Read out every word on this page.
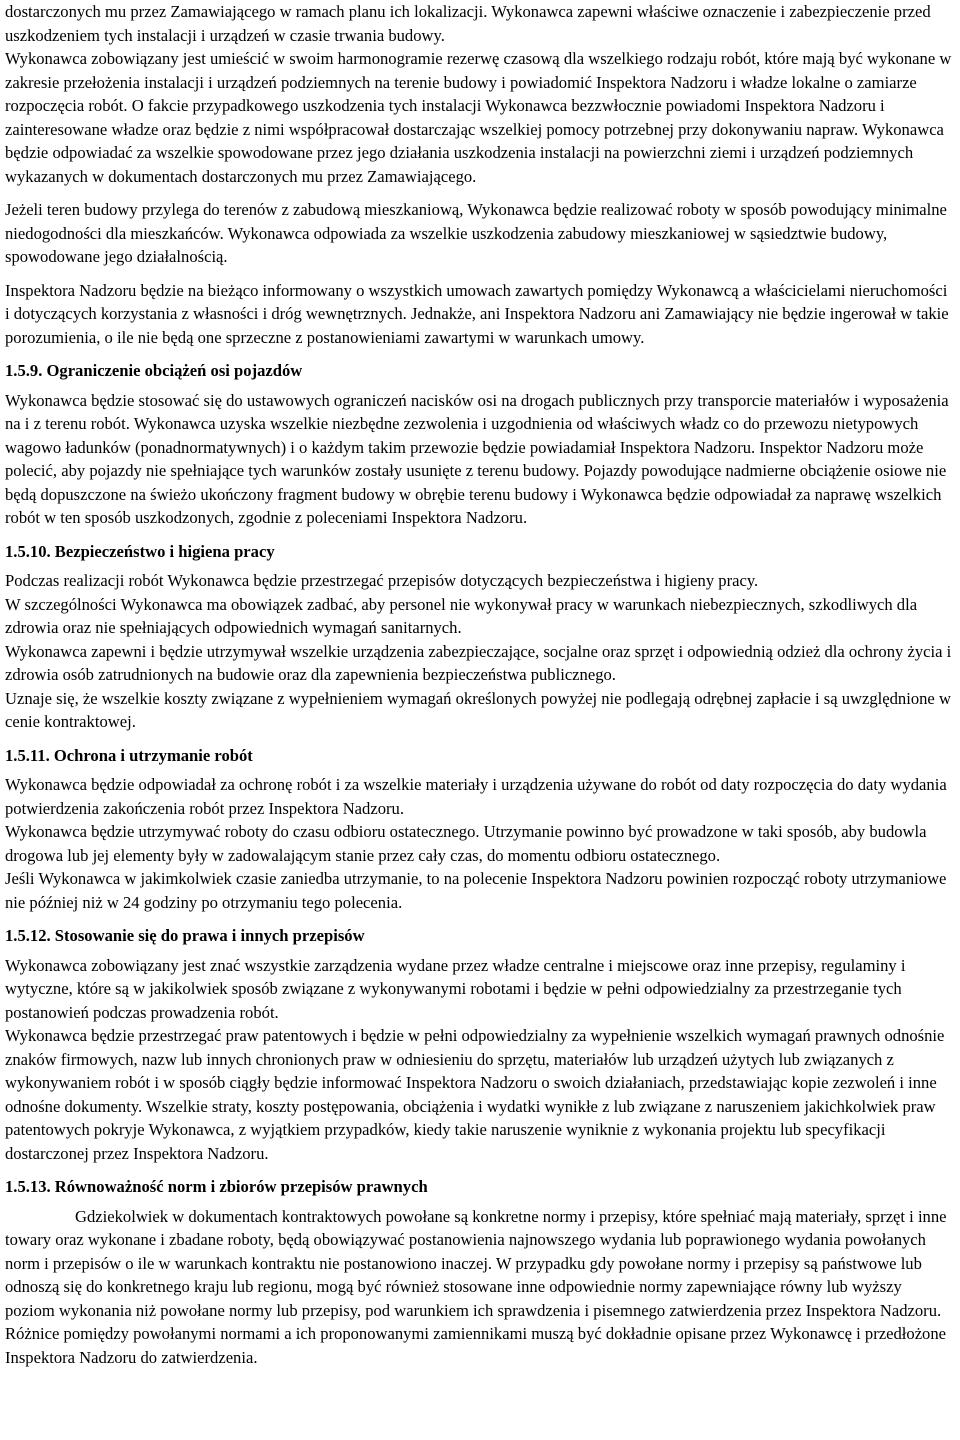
dostarczonych mu przez Zamawiającego w ramach planu ich lokalizacji. Wykonawca zapewni właściwe oznaczenie i zabezpieczenie przed uszkodzeniem tych instalacji i urządzeń w czasie trwania budowy.

Wykonawca zobowiązany jest umieścić w swoim harmonogramie rezerwę czasową dla wszelkiego rodzaju robót, które mają być wykonane w zakresie przełożenia instalacji i urządzeń podziemnych na terenie budowy i powiadomić Inspektora Nadzoru i władze lokalne o zamiarze rozpoczęcia robót. O fakcie przypadkowego uszkodzenia tych instalacji Wykonawca bezzwłocznie powiadomi Inspektora Nadzoru i zainteresowane władze oraz będzie z nimi współpracował dostarczając wszelkiej pomocy potrzebnej przy dokonywaniu napraw. Wykonawca będzie odpowiadać za wszelkie spowodowane przez jego działania uszkodzenia instalacji na powierzchni ziemi i urządzeń podziemnych wykazanych w dokumentach dostarczonych mu przez Zamawiającego.

Jeżeli teren budowy przylega do terenów z zabudową mieszkaniową, Wykonawca będzie realizować roboty w sposób powodujący minimalne niedogodności dla mieszkańców. Wykonawca odpowiada za wszelkie uszkodzenia zabudowy mieszkaniowej w sąsiedztwie budowy, spowodowane jego działalnością.

Inspektora Nadzoru będzie na bieżąco informowany o wszystkich umowach zawartych pomiędzy Wykonawcą a właścicielami nieruchomości i dotyczących korzystania z własności i dróg wewnętrznych. Jednakże, ani Inspektora Nadzoru ani Zamawiający nie będzie ingerował w takie porozumienia, o ile nie będą one sprzeczne z postanowieniami zawartymi w warunkach umowy.

1.5.9. Ograniczenie obciążeń osi pojazdów

Wykonawca będzie stosować się do ustawowych ograniczeń nacisków osi na drogach publicznych przy transporcie materiałów i wyposażenia na i z terenu robót. Wykonawca uzyska wszelkie niezbędne zezwolenia i uzgodnienia od właściwych władz co do przewozu nietypowych wagowo ładunków (ponadnormatywnych) i o każdym takim przewozie będzie powiadamiał Inspektora Nadzoru. Inspektor Nadzoru może polecić, aby pojazdy nie spełniające tych warunków zostały usunięte z terenu budowy. Pojazdy powodujące nadmierne obciążenie osiowe nie będą dopuszczone na świeżo ukończony fragment budowy w obrębie terenu budowy i Wykonawca będzie odpowiadał za naprawę wszelkich robót w ten sposób uszkodzonych, zgodnie z poleceniami Inspektora Nadzoru.

1.5.10. Bezpieczeństwo i higiena pracy

Podczas realizacji robót Wykonawca będzie przestrzegać przepisów dotyczących bezpieczeństwa i higieny pracy.

W szczególności Wykonawca ma obowiązek zadbać, aby personel nie wykonywał pracy w warunkach niebezpiecznych, szkodliwych dla zdrowia oraz nie spełniających odpowiednich wymagań sanitarnych.

Wykonawca zapewni i będzie utrzymywał wszelkie urządzenia zabezpieczające, socjalne oraz sprzęt i odpowiednią odzież dla ochrony życia i zdrowia osób zatrudnionych na budowie oraz dla zapewnienia bezpieczeństwa publicznego.

Uznaje się, że wszelkie koszty związane z wypełnieniem wymagań określonych powyżej nie podlegają odrębnej zapłacie i są uwzględnione w cenie kontraktowej.

1.5.11. Ochrona i utrzymanie robót

Wykonawca będzie odpowiadał za ochronę robót i za wszelkie materiały i urządzenia używane do robót od daty rozpoczęcia do daty wydania potwierdzenia zakończenia robót przez Inspektora Nadzoru.

Wykonawca będzie utrzymywać roboty do czasu odbioru ostatecznego. Utrzymanie powinno być prowadzone w taki sposób, aby budowla drogowa lub jej elementy były w zadowalającym stanie przez cały czas, do momentu odbioru ostatecznego.

Jeśli Wykonawca w jakimkolwiek czasie zaniedba utrzymanie, to na polecenie Inspektora Nadzoru powinien rozpocząć roboty utrzymaniowe nie później niż w 24 godziny po otrzymaniu tego polecenia.

1.5.12. Stosowanie się do prawa i innych przepisów

Wykonawca zobowiązany jest znać wszystkie zarządzenia wydane przez władze centralne i miejscowe oraz inne przepisy, regulaminy i wytyczne, które są w jakikolwiek sposób związane z wykonywanymi robotami i będzie w pełni odpowiedzialny za przestrzeganie tych postanowień podczas prowadzenia robót.

Wykonawca będzie przestrzegać praw patentowych i będzie w pełni odpowiedzialny za wypełnienie wszelkich wymagań prawnych odnośnie znaków firmowych, nazw lub innych chronionych praw w odniesieniu do sprzętu, materiałów lub urządzeń użytych lub związanych z wykonywaniem robót i w sposób ciągły będzie informować Inspektora Nadzoru o swoich działaniach, przedstawiając kopie zezwoleń i inne odnośne dokumenty. Wszelkie straty, koszty postępowania, obciążenia i wydatki wynikłe z lub związane z naruszeniem jakichkolwiek praw patentowych pokryje Wykonawca, z wyjątkiem przypadków, kiedy takie naruszenie wyniknie z wykonania projektu lub specyfikacji dostarczonej przez Inspektora Nadzoru.

1.5.13. Równoważność norm i zbiorów przepisów prawnych

Gdziekolwiek w dokumentach kontraktowych powołane są konkretne normy i przepisy, które spełniać mają materiały, sprzęt i inne towary oraz wykonane i zbadane roboty, będą obowiązywać postanowienia najnowszego wydania lub poprawionego wydania powołanych norm i przepisów o ile w warunkach kontraktu nie postanowiono inaczej. W przypadku gdy powołane normy i przepisy są państwowe lub odnoszą się do konkretnego kraju lub regionu, mogą być również stosowane inne odpowiednie normy zapewniające równy lub wyższy poziom wykonania niż powołane normy lub przepisy, pod warunkiem ich sprawdzenia i pisemnego zatwierdzenia przez Inspektora Nadzoru. Różnice pomiędzy powołanymi normami a ich proponowanymi zamiennikami muszą być dokładnie opisane przez Wykonawcę i przedłożone Inspektora Nadzoru do zatwierdzenia.
